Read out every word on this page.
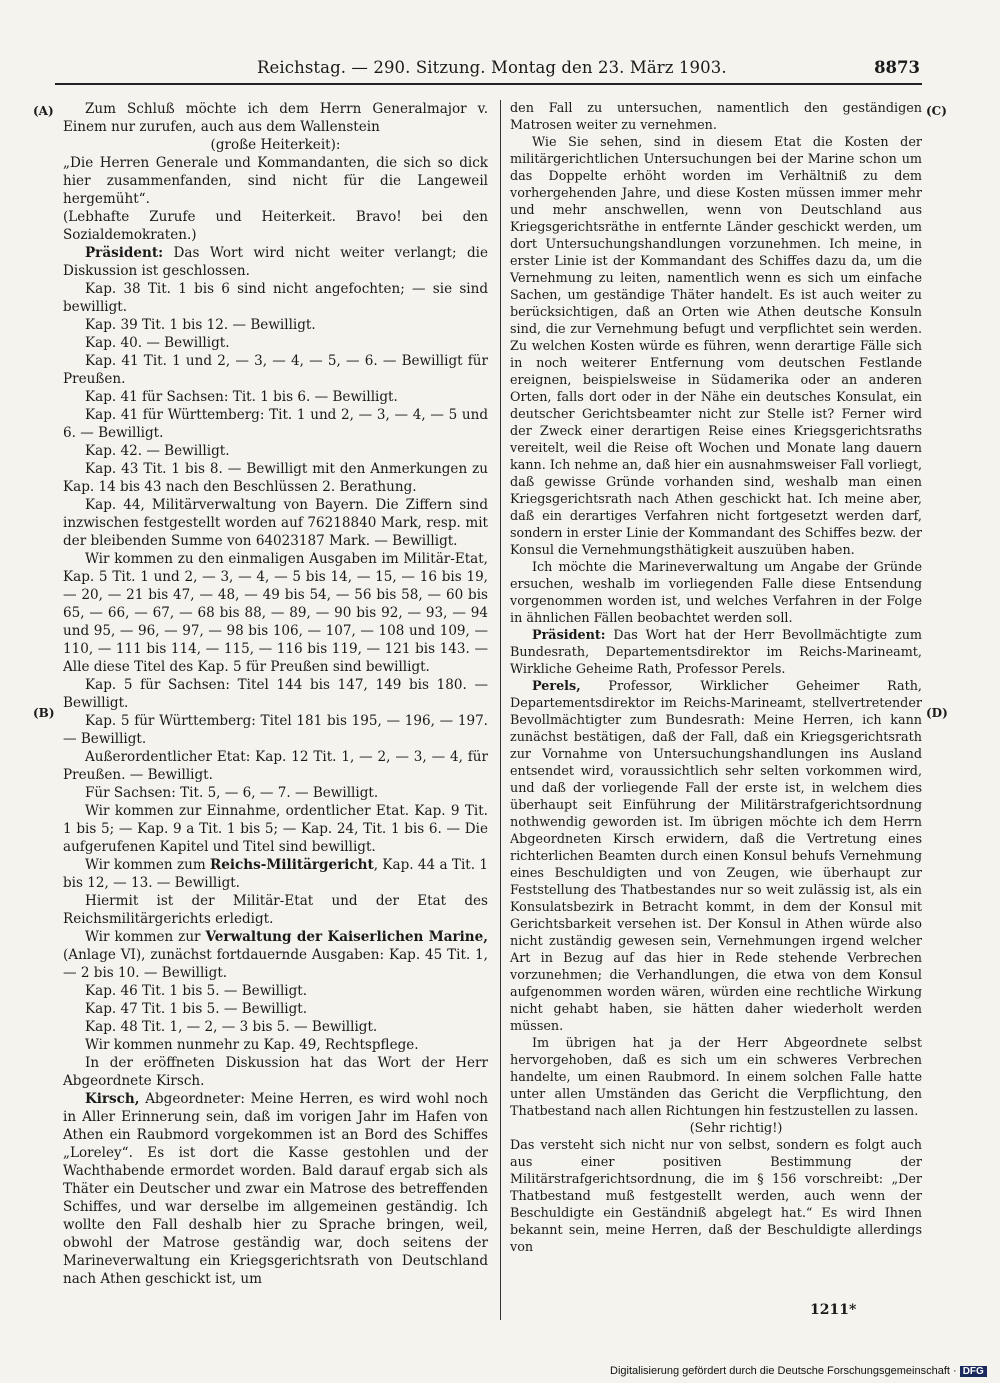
Reichstag. — 290. Sitzung. Montag den 23. März 1903.	8873
(A)
(B)
(C)
(D)

Zum Schluß möchte ich dem Herrn Generalmajor v. Einem nur zurufen, auch aus dem Wallenstein

(große Heiterkeit):

„Die Herren Generale und Kommandanten, die sich so dick hier zusammenfanden, sind nicht für die Langeweil hergemüht“.

(Lebhafte Zurufe und Heiterkeit. Bravo! bei den Sozialdemokraten.)

Präsident: Das Wort wird nicht weiter verlangt; die Diskussion ist geschlossen.

Kap. 38 Tit. 1 bis 6 sind nicht angefochten; — sie sind bewilligt.

Kap. 39 Tit. 1 bis 12. — Bewilligt.

Kap. 40. — Bewilligt.

Kap. 41 Tit. 1 und 2, — 3, — 4, — 5, — 6. — Bewilligt für Preußen.

Kap. 41 für Sachsen: Tit. 1 bis 6. — Bewilligt.

Kap. 41 für Württemberg: Tit. 1 und 2, — 3, — 4, — 5 und 6. — Bewilligt.

Kap. 42. — Bewilligt.

Kap. 43 Tit. 1 bis 8. — Bewilligt mit den Anmerkungen zu Kap. 14 bis 43 nach den Beschlüssen 2. Berathung.

Kap. 44, Militärverwaltung von Bayern. Die Ziffern sind inzwischen festgestellt worden auf 76218840 Mark, resp. mit der bleibenden Summe von 64023187 Mark. — Bewilligt.

Wir kommen zu den einmaligen Ausgaben im Militär-Etat, Kap. 5 Tit. 1 und 2, — 3, — 4, — 5 bis 14, — 15, — 16 bis 19, — 20, — 21 bis 47, — 48, — 49 bis 54, — 56 bis 58, — 60 bis 65, — 66, — 67, — 68 bis 88, — 89, — 90 bis 92, — 93, — 94 und 95, — 96, — 97, — 98 bis 106, — 107, — 108 und 109, — 110, — 111 bis 114, — 115, — 116 bis 119, — 121 bis 143. — Alle diese Titel des Kap. 5 für Preußen sind bewilligt.

Kap. 5 für Sachsen: Titel 144 bis 147, 149 bis 180. — Bewilligt.

Kap. 5 für Württemberg: Titel 181 bis 195, — 196, — 197. — Bewilligt.

Außerordentlicher Etat: Kap. 12 Tit. 1, — 2, — 3, — 4, für Preußen. — Bewilligt.

Für Sachsen: Tit. 5, — 6, — 7. — Bewilligt.

Wir kommen zur Einnahme, ordentlicher Etat. Kap. 9 Tit. 1 bis 5; — Kap. 9 a Tit. 1 bis 5; — Kap. 24, Tit. 1 bis 6. — Die aufgerufenen Kapitel und Titel sind bewilligt.

Wir kommen zum Reichs-Militärgericht, Kap. 44 a Tit. 1 bis 12, — 13. — Bewilligt.

Hiermit ist der Militär-Etat und der Etat des Reichsmilitärgerichts erledigt.

Wir kommen zur Verwaltung der Kaiserlichen Marine, (Anlage VI), zunächst fortdauernde Ausgaben: Kap. 45 Tit. 1, — 2 bis 10. — Bewilligt.

Kap. 46 Tit. 1 bis 5. — Bewilligt.

Kap. 47 Tit. 1 bis 5. — Bewilligt.

Kap. 48 Tit. 1, — 2, — 3 bis 5. — Bewilligt.

Wir kommen nunmehr zu Kap. 49, Rechtspflege.

In der eröffneten Diskussion hat das Wort der Herr Abgeordnete Kirsch.

Kirsch, Abgeordneter: Meine Herren, es wird wohl noch in Aller Erinnerung sein, daß im vorigen Jahr im Hafen von Athen ein Raubmord vorgekommen ist an Bord des Schiffes „Loreley“. Es ist dort die Kasse gestohlen und der Wachthabende ermordet worden. Bald darauf ergab sich als Thäter ein Deutscher und zwar ein Matrose des betreffenden Schiffes, und war derselbe im allgemeinen geständig. Ich wollte den Fall deshalb hier zu Sprache bringen, weil, obwohl der Matrose geständig war, doch seitens der Marineverwaltung ein Kriegsgerichtsrath von Deutschland nach Athen geschickt ist, um

den Fall zu untersuchen, namentlich den geständigen Matrosen weiter zu vernehmen.

Wie Sie sehen, sind in diesem Etat die Kosten der militärgerichtlichen Untersuchungen bei der Marine schon um das Doppelte erhöht worden im Verhältniß zu dem vorhergehenden Jahre, und diese Kosten müssen immer mehr und mehr anschwellen, wenn von Deutschland aus Kriegsgerichtsräthe in entfernte Länder geschickt werden, um dort Untersuchungshandlungen vorzunehmen. Ich meine, in erster Linie ist der Kommandant des Schiffes dazu da, um die Vernehmung zu leiten, namentlich wenn es sich um einfache Sachen, um geständige Thäter handelt. Es ist auch weiter zu berücksichtigen, daß an Orten wie Athen deutsche Konsuln sind, die zur Vernehmung befugt und verpflichtet sein werden. Zu welchen Kosten würde es führen, wenn derartige Fälle sich in noch weiterer Entfernung vom deutschen Festlande ereignen, beispielsweise in Südamerika oder an anderen Orten, falls dort oder in der Nähe ein deutsches Konsulat, ein deutscher Gerichtsbeamter nicht zur Stelle ist? Ferner wird der Zweck einer derartigen Reise eines Kriegsgerichtsraths vereitelt, weil die Reise oft Wochen und Monate lang dauern kann. Ich nehme an, daß hier ein ausnahmsweiser Fall vorliegt, daß gewisse Gründe vorhanden sind, weshalb man einen Kriegsgerichtsrath nach Athen geschickt hat. Ich meine aber, daß ein derartiges Verfahren nicht fortgesetzt werden darf, sondern in erster Linie der Kommandant des Schiffes bezw. der Konsul die Vernehmungsthätigkeit auszuüben haben.

Ich möchte die Marineverwaltung um Angabe der Gründe ersuchen, weshalb im vorliegenden Falle diese Entsendung vorgenommen worden ist, und welches Verfahren in der Folge in ähnlichen Fällen beobachtet werden soll.

Präsident: Das Wort hat der Herr Bevollmächtigte zum Bundesrath, Departementsdirektor im Reichs-Marineamt, Wirkliche Geheime Rath, Professor Perels.

Perels, Professor, Wirklicher Geheimer Rath, Departementsdirektor im Reichs-Marineamt, stellvertretender Bevollmächtigter zum Bundesrath: Meine Herren, ich kann zunächst bestätigen, daß der Fall, daß ein Kriegsgerichtsrath zur Vornahme von Untersuchungshandlungen ins Ausland entsendet wird, voraussichtlich sehr selten vorkommen wird, und daß der vorliegende Fall der erste ist, in welchem dies überhaupt seit Einführung der Militärstrafgerichtsordnung nothwendig geworden ist. Im übrigen möchte ich dem Herrn Abgeordneten Kirsch erwidern, daß die Vertretung eines richterlichen Beamten durch einen Konsul behufs Vernehmung eines Beschuldigten und von Zeugen, wie überhaupt zur Feststellung des Thatbestandes nur so weit zulässig ist, als ein Konsulatsbezirk in Betracht kommt, in dem der Konsul mit Gerichtsbarkeit versehen ist. Der Konsul in Athen würde also nicht zuständig gewesen sein, Vernehmungen irgend welcher Art in Bezug auf das hier in Rede stehende Verbrechen vorzunehmen; die Verhandlungen, die etwa von dem Konsul aufgenommen worden wären, würden eine rechtliche Wirkung nicht gehabt haben, sie hätten daher wiederholt werden müssen.

Im übrigen hat ja der Herr Abgeordnete selbst hervorgehoben, daß es sich um ein schweres Verbrechen handelte, um einen Raubmord. In einem solchen Falle hatte unter allen Umständen das Gericht die Verpflichtung, den Thatbestand nach allen Richtungen hin festzustellen zu lassen.

(Sehr richtig!)

Das versteht sich nicht nur von selbst, sondern es folgt auch aus einer positiven Bestimmung der Militärstrafgerichtsordnung, die im § 156 vorschreibt: „Der Thatbestand muß festgestellt werden, auch wenn der Beschuldigte ein Geständniß abgelegt hat.“ Es wird Ihnen bekannt sein, meine Herren, daß der Beschuldigte allerdings von

1211*
Digitalisierung gefördert durch die Deutsche Forschungsgemeinschaft · DFG
